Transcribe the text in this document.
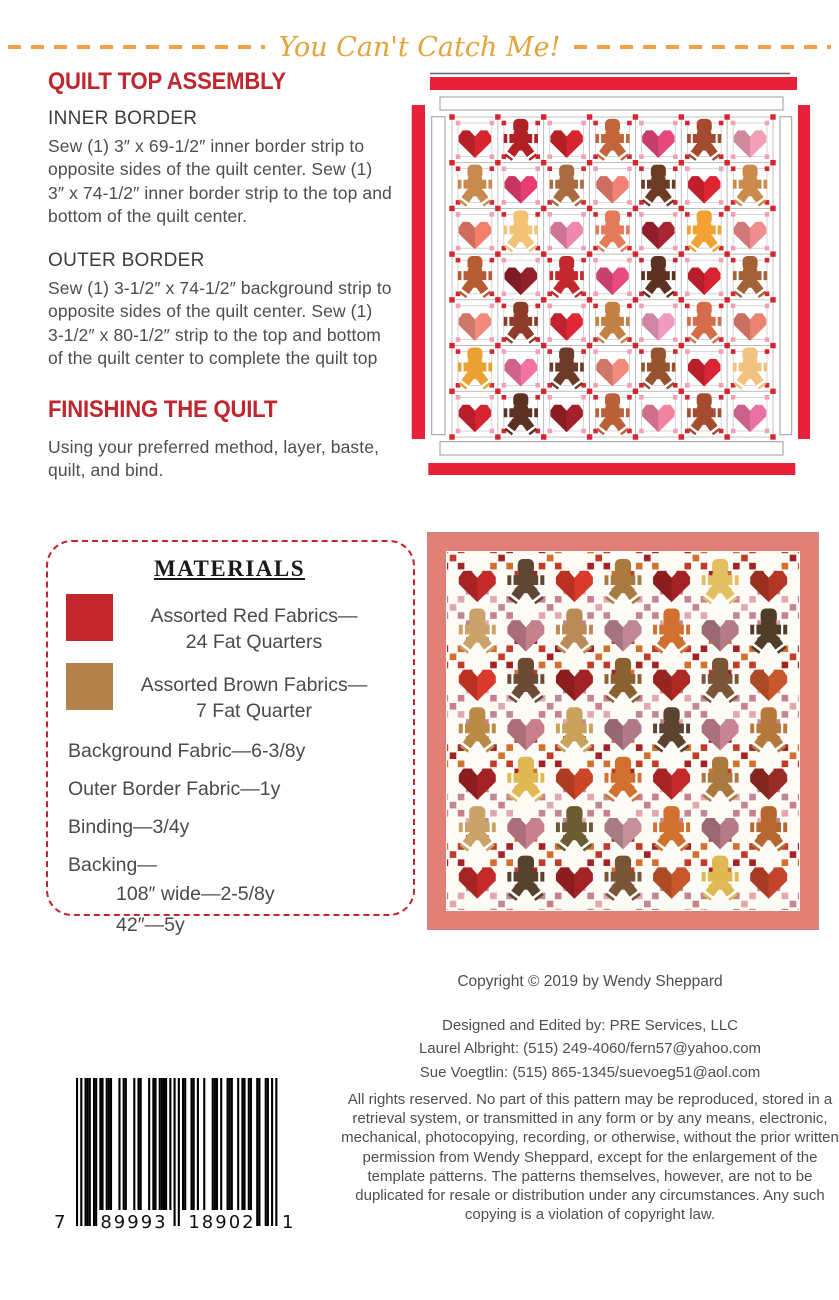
You Can't Catch Me!
QUILT TOP ASSEMBLY
INNER BORDER

Sew (1) 3″ x 69-1/2″ inner border strip to opposite sides of the quilt center. Sew (1) 3″ x 74-1/2″ inner border strip to the top and bottom of the quilt center.

OUTER BORDER

Sew (1) 3-1/2″ x 74-1/2″ background strip to opposite sides of the quilt center. Sew (1) 3-1/2″ x 80-1/2″ strip to the top and bottom of the quilt center to complete the quilt top

FINISHING THE QUILT

Using your preferred method, layer, baste, quilt, and bind.

MATERIALS
Assorted Red Fabrics—
24 Fat Quarters
Assorted Brown Fabrics—
7 Fat Quarter
Background Fabric—6-3/8y
Outer Border Fabric—1y
Binding—3/4y
Backing—
108″ wide—2-5/8y
42″—5y
Copyright © 2019 by Wendy Sheppard
Designed and Edited by: PRE Services, LLC
Laurel Albright: (515) 249-4060/fern57@yahoo.com
Sue Voegtlin: (515) 865-1345/suevoeg51@aol.com
All rights reserved. No part of this pattern may be reproduced, stored in a retrieval system, or transmitted in any form or by any means, electronic, mechanical, photocopying, recording, or otherwise, without the prior written permission from Wendy Sheppard, except for the enlargement of the template patterns. The patterns themselves, however, are not to be duplicated for resale or distribution under any circumstances. Any such copying is a violation of copyright law.
7 89993 18902 1
